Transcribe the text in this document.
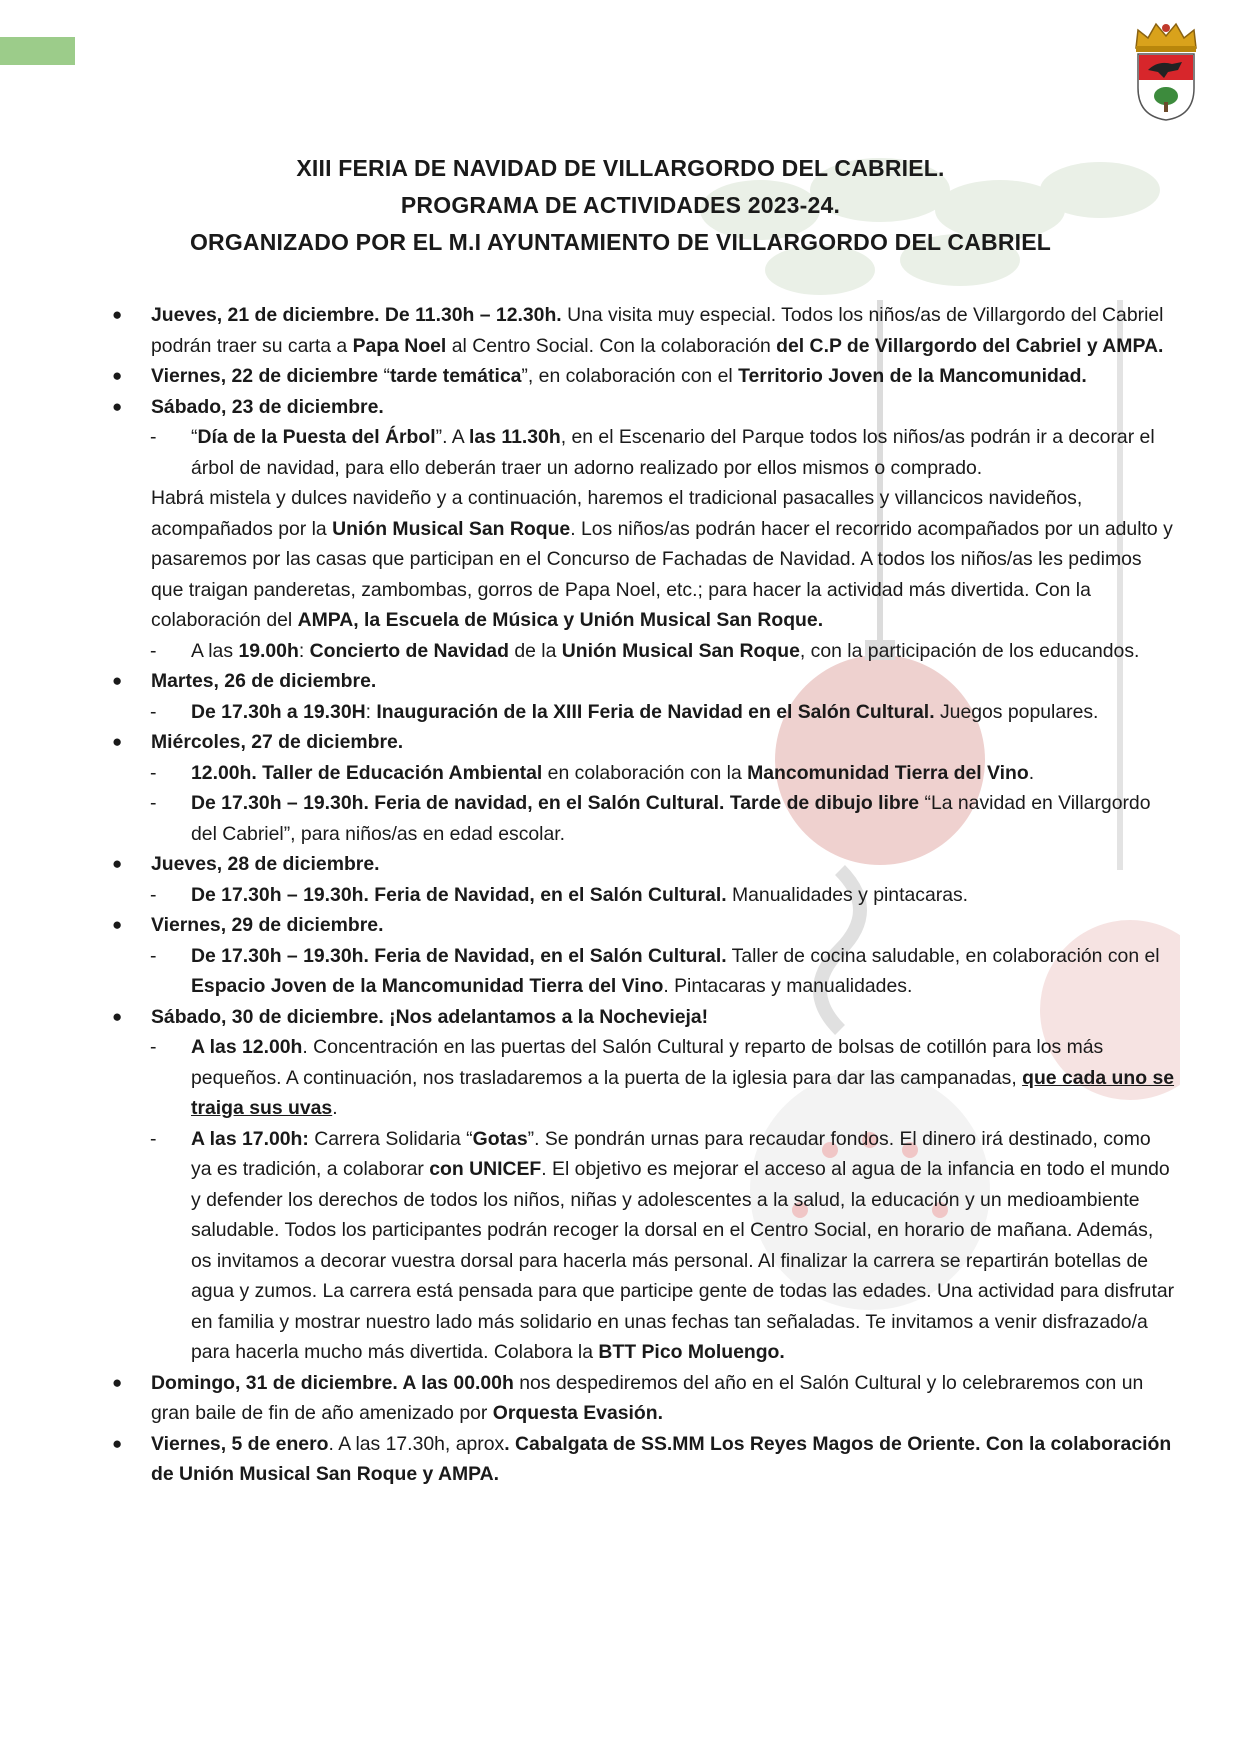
XIII FERIA DE NAVIDAD DE VILLARGORDO DEL CABRIEL.
PROGRAMA DE ACTIVIDADES 2023-24.
ORGANIZADO POR EL M.I AYUNTAMIENTO DE VILLARGORDO DEL CABRIEL
● Jueves, 21 de diciembre. De 11.30h – 12.30h. Una visita muy especial. Todos los niños/as de Villargordo del Cabriel podrán traer su carta a Papa Noel al Centro Social. Con la colaboración del C.P de Villargordo del Cabriel y AMPA.
● Viernes, 22 de diciembre “tarde temática”, en colaboración con el Territorio Joven de la Mancomunidad.
● Sábado, 23 de diciembre.
- “Día de la Puesta del Árbol”. A las 11.30h, en el Escenario del Parque todos los niños/as podrán ir a decorar el árbol de navidad, para ello deberán traer un adorno realizado por ellos mismos o comprado.
Habrá mistela y dulces navideño y a continuación, haremos el tradicional pasacalles y villancicos navideños, acompañados por la Unión Musical San Roque. Los niños/as podrán hacer el recorrido acompañados por un adulto y pasaremos por las casas que participan en el Concurso de Fachadas de Navidad. A todos los niños/as les pedimos que traigan panderetas, zambombas, gorros de Papa Noel, etc.; para hacer la actividad más divertida. Con la colaboración del AMPA, la Escuela de Música y Unión Musical San Roque.
- A las 19.00h: Concierto de Navidad de la Unión Musical San Roque, con la participación de los educandos.
● Martes, 26 de diciembre.
- De 17.30h a 19.30H: Inauguración de la XIII Feria de Navidad en el Salón Cultural. Juegos populares.
● Miércoles, 27 de diciembre.
- 12.00h. Taller de Educación Ambiental en colaboración con la Mancomunidad Tierra del Vino.
- De 17.30h – 19.30h. Feria de navidad, en el Salón Cultural. Tarde de dibujo libre “La navidad en Villargordo del Cabriel”, para niños/as en edad escolar.
● Jueves, 28 de diciembre.
- De 17.30h – 19.30h. Feria de Navidad, en el Salón Cultural. Manualidades y pintacaras.
● Viernes, 29 de diciembre.
- De 17.30h – 19.30h. Feria de Navidad, en el Salón Cultural. Taller de cocina saludable, en colaboración con el Espacio Joven de la Mancomunidad Tierra del Vino. Pintacaras y manualidades.
● Sábado, 30 de diciembre. ¡Nos adelantamos a la Nochevieja!
- A las 12.00h. Concentración en las puertas del Salón Cultural y reparto de bolsas de cotillón para los más pequeños. A continuación, nos trasladaremos a la puerta de la iglesia para dar las campanadas, que cada uno se traiga sus uvas.
- A las 17.00h: Carrera Solidaria “Gotas”. Se pondrán urnas para recaudar fondos. El dinero irá destinado, como ya es tradición, a colaborar con UNICEF. El objetivo es mejorar el acceso al agua de la infancia en todo el mundo y defender los derechos de todos los niños, niñas y adolescentes a la salud, la educación y un medioambiente saludable. Todos los participantes podrán recoger la dorsal en el Centro Social, en horario de mañana. Además, os invitamos a decorar vuestra dorsal para hacerla más personal. Al finalizar la carrera se repartirán botellas de agua y zumos. La carrera está pensada para que participe gente de todas las edades. Una actividad para disfrutar en familia y mostrar nuestro lado más solidario en unas fechas tan señaladas. Te invitamos a venir disfrazado/a para hacerla mucho más divertida. Colabora la BTT Pico Moluengo.
● Domingo, 31 de diciembre. A las 00.00h nos despediremos del año en el Salón Cultural y lo celebraremos con un gran baile de fin de año amenizado por Orquesta Evasión.
● Viernes, 5 de enero. A las 17.30h, aprox. Cabalgata de SS.MM Los Reyes Magos de Oriente. Con la colaboración de Unión Musical San Roque y AMPA.
